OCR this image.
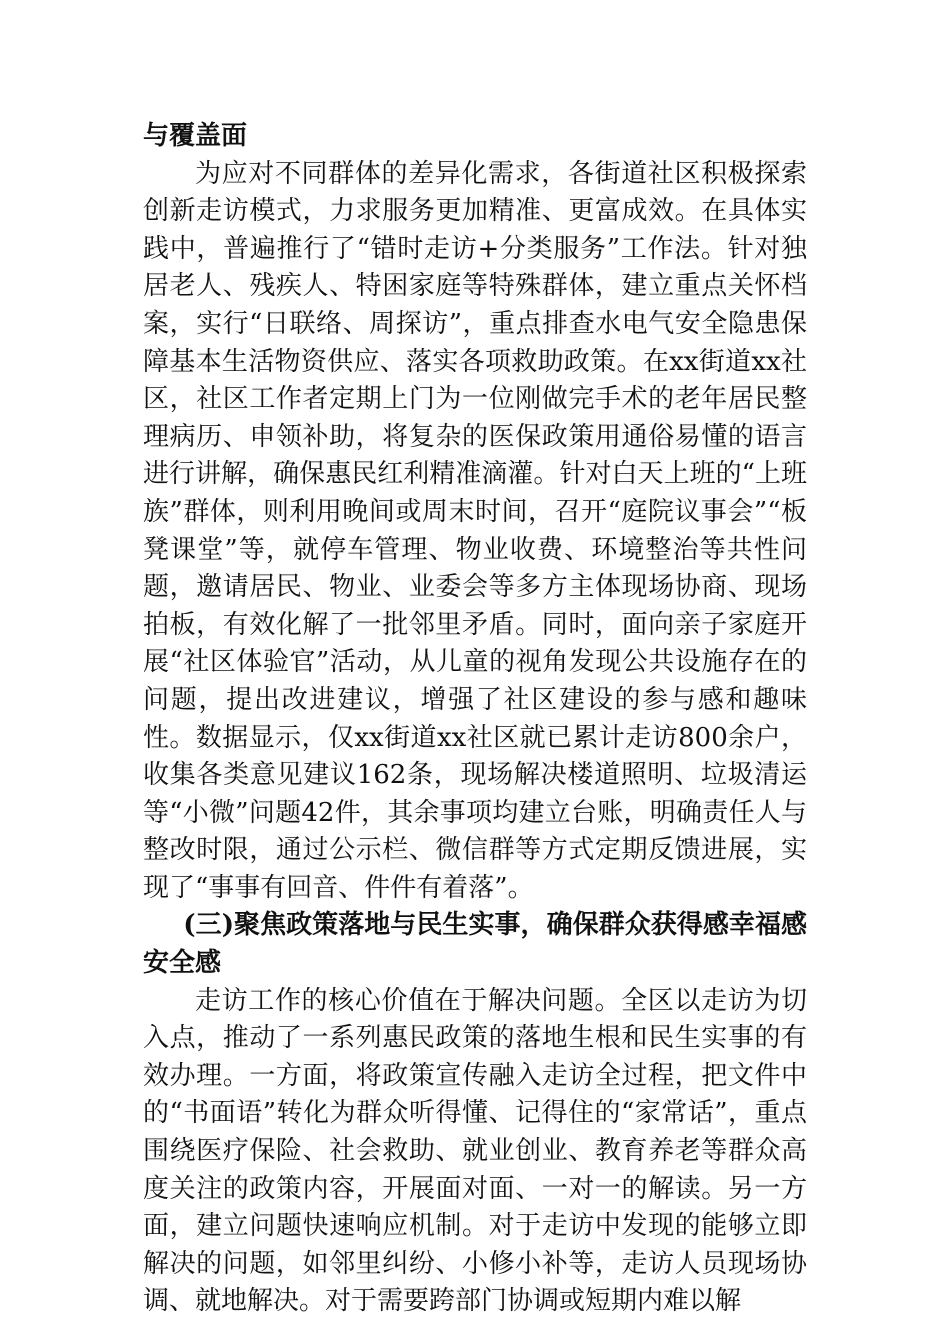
与覆盖面

为应对不同群体的差异化需求，各街道社区积极探索创新走访模式，力求服务更加精准、更富成效。在具体实践中，普遍推行了“错时走访+分类服务”工作法。针对独居老人、残疾人、特困家庭等特殊群体，建立重点关怀档案，实行“日联络、周探访”，重点排查水电气安全隐患保障基本生活物资供应、落实各项救助政策。在xx街道xx社区，社区工作者定期上门为一位刚做完手术的老年居民整理病历、申领补助，将复杂的医保政策用通俗易懂的语言进行讲解，确保惠民红利精准滴灌。针对白天上班的“上班族”群体，则利用晚间或周末时间，召开“庭院议事会”“板凳课堂”等，就停车管理、物业收费、环境整治等共性问题，邀请居民、物业、业委会等多方主体现场协商、现场拍板，有效化解了一批邻里矛盾。同时，面向亲子家庭开展“社区体验官”活动，从儿童的视角发现公共设施存在的问题，提出改进建议，增强了社区建设的参与感和趣味性。数据显示，仅xx街道xx社区就已累计走访800余户，收集各类意见建议162条，现场解决楼道照明、垃圾清运等“小微”问题42件，其余事项均建立台账，明确责任人与整改时限，通过公示栏、微信群等方式定期反馈进展，实现了“事事有回音、件件有着落”。

(三)聚焦政策落地与民生实事，确保群众获得感幸福感安全感

走访工作的核心价值在于解决问题。全区以走访为切入点，推动了一系列惠民政策的落地生根和民生实事的有效办理。一方面，将政策宣传融入走访全过程，把文件中的“书面语”转化为群众听得懂、记得住的“家常话”，重点围绕医疗保险、社会救助、就业创业、教育养老等群众高度关注的政策内容，开展面对面、一对一的解读。另一方面，建立问题快速响应机制。对于走访中发现的能够立即解决的问题，如邻里纠纷、小修小补等，走访人员现场协调、就地解决。对于需要跨部门协调或短期内难以解
